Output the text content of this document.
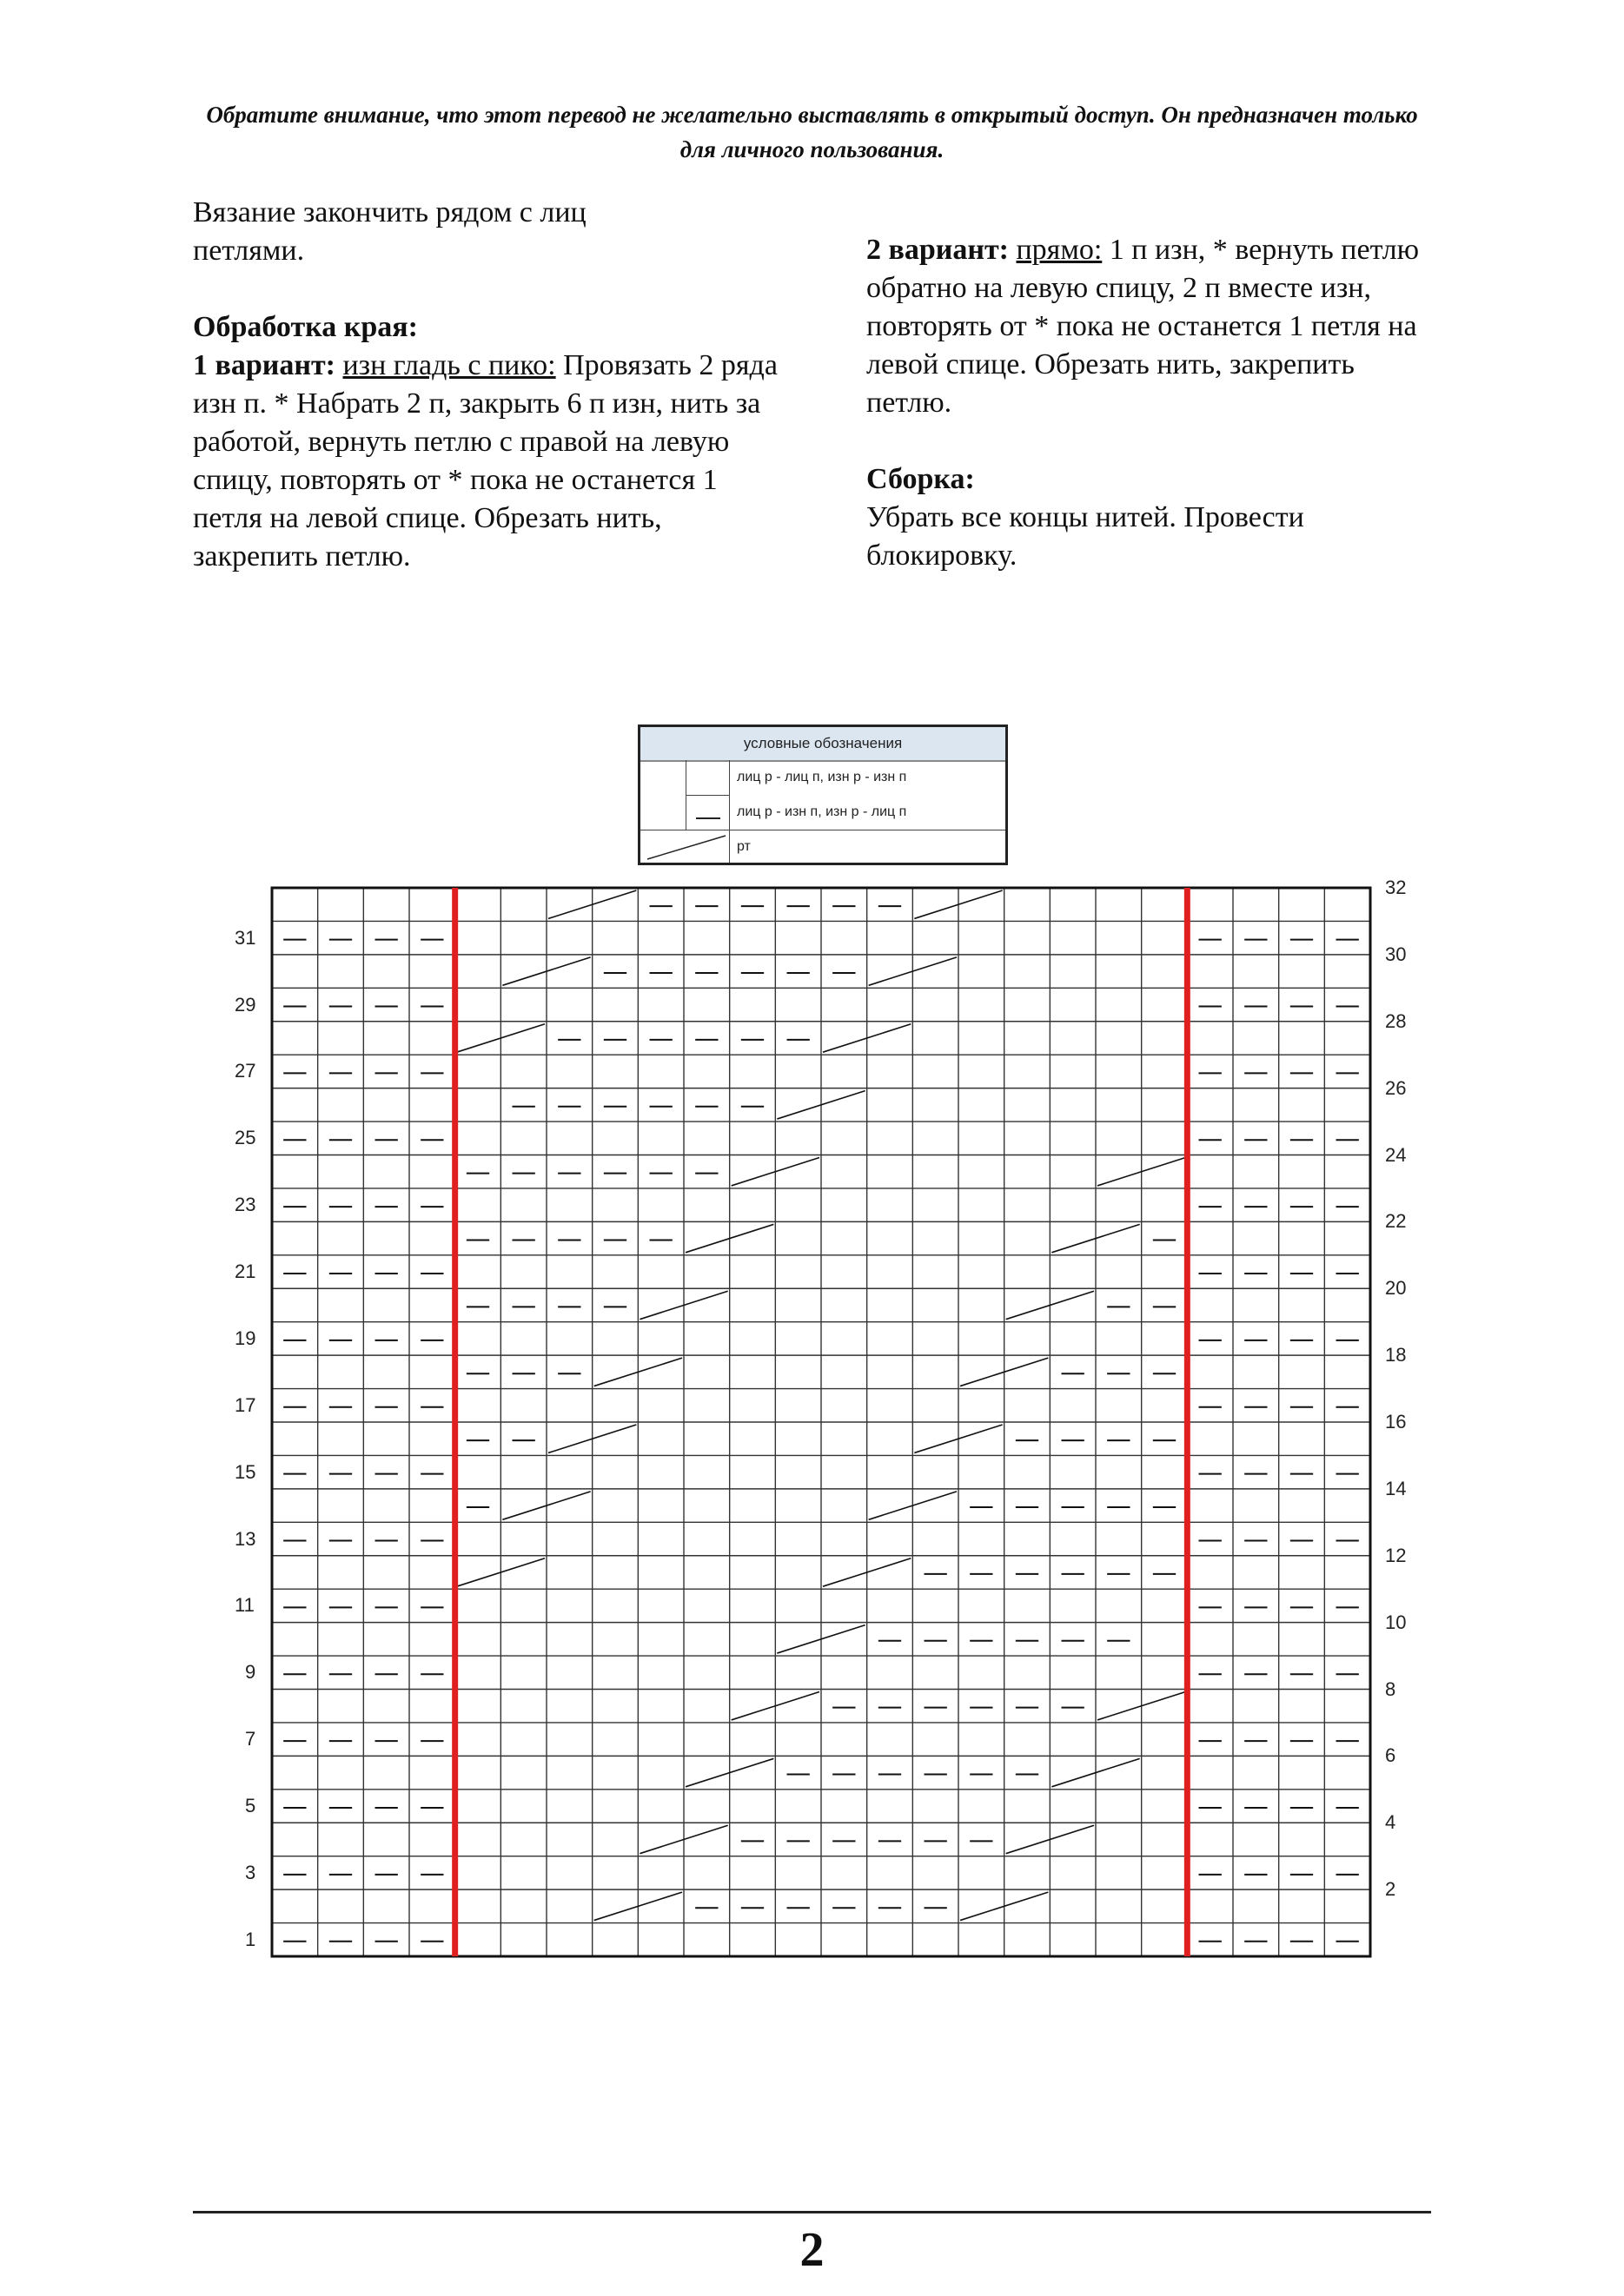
Обратите внимание, что этот перевод не желательно выставлять в открытый доступ. Он предназначен только для личного пользования.

Вязание закончить рядом с лиц петлями.

Обработка края:

1 вариант: изн гладь с пико: Провязать 2 ряда изн п. * Набрать 2 п, закрыть 6 п изн, нить за работой, вернуть петлю с правой на левую спицу, повторять от * пока не останется 1 петля на левой спице. Обрезать нить, закрепить петлю.

2 вариант: прямо: 1 п изн, * вернуть петлю обратно на левую спицу, 2 п вместе изн, повторять от * пока не останется 1 петля на левой спице. Обрезать нить, закрепить петлю.

Сборка:

Убрать все концы нитей. Провести блокировку.

условные обозначения
лиц р - лиц п, изн р - изн п
лиц р - изн п, изн р - лиц п
рт
31
29
27
25
23
21
19
17
15
13
11
9
7
5
3
1
32
30
28
26
24
22
20
18
16
14
12
10
8
6
4
2
2
